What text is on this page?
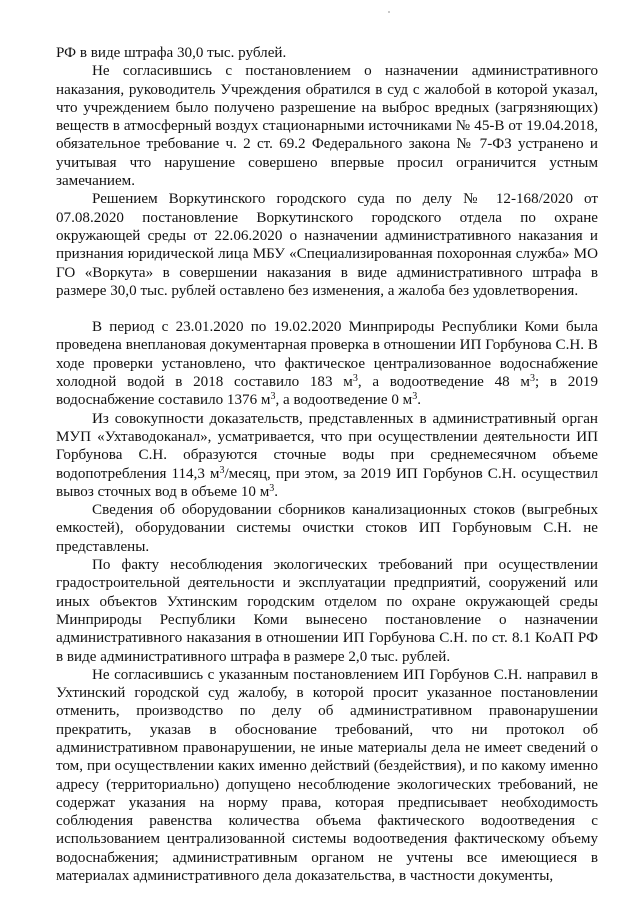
РФ в виде штрафа 30,0 тыс. рублей.

Не согласившись с постановлением о назначении административного наказания, руководитель Учреждения обратился в суд с жалобой в которой указал, что учреждением было получено разрешение на выброс вредных (загрязняющих) веществ в атмосферный воздух стационарными источниками № 45-В от 19.04.2018, обязательное требование ч. 2 ст. 69.2 Федерального закона № 7-ФЗ устранено и учитывая что нарушение совершено впервые просил ограничится устным замечанием.

Решением Воркутинского городского суда по делу № 12-168/2020 от 07.08.2020 постановление Воркутинского городского отдела по охране окружающей среды от 22.06.2020 о назначении административного наказания и признания юридической лица МБУ «Специализированная похоронная служба» МО ГО «Воркута» в совершении наказания в виде административного штрафа в размере 30,0 тыс. рублей оставлено без изменения, а жалоба без удовлетворения.

В период с 23.01.2020 по 19.02.2020 Минприроды Республики Коми была проведена внеплановая документарная проверка в отношении ИП Горбунова С.Н. В ходе проверки установлено, что фактическое централизованное водоснабжение холодной водой в 2018 составило 183 $м^3$, а водоотведение 48 $м^3$; в 2019 водоснабжение составило 1376 $м^3$, а водоотведение 0 $м^3$.

Из совокупности доказательств, представленных в административный орган МУП «Ухтаводоканал», усматривается, что при осуществлении деятельности ИП Горбунова С.Н. образуются сточные воды при среднемесячном объеме водопотребления 114,3 $м^3$/месяц, при этом, за 2019 ИП Горбунов С.Н. осуществил вывоз сточных вод в объеме 10 $м^3$.

Сведения об оборудовании сборников канализационных стоков (выгребных емкостей), оборудовании системы очистки стоков ИП Горбуновым С.Н. не представлены.

По факту несоблюдения экологических требований при осуществлении градостроительной деятельности и эксплуатации предприятий, сооружений или иных объектов Ухтинским городским отделом по охране окружающей среды Минприроды Республики Коми вынесено постановление о назначении административного наказания в отношении ИП Горбунова С.Н. по ст. 8.1 КоАП РФ в виде административного штрафа в размере 2,0 тыс. рублей.

Не согласившись с указанным постановлением ИП Горбунов С.Н. направил в Ухтинский городской суд жалобу, в которой просит указанное постановлении отменить, производство по делу об административном правонарушении прекратить, указав в обоснование требований, что ни протокол об административном правонарушении, не иные материалы дела не имеет сведений о том, при осуществлении каких именно действий (бездействия), и по какому именно адресу (территориально) допущено несоблюдение экологических требований, не содержат указания на норму права, которая предписывает необходимость соблюдения равенства количества объема фактического водоотведения с использованием централизованной системы водоотведения фактическому объему водоснабжения; административным органом не учтены все имеющиеся в материалах административного дела доказательства, в частности документы,
